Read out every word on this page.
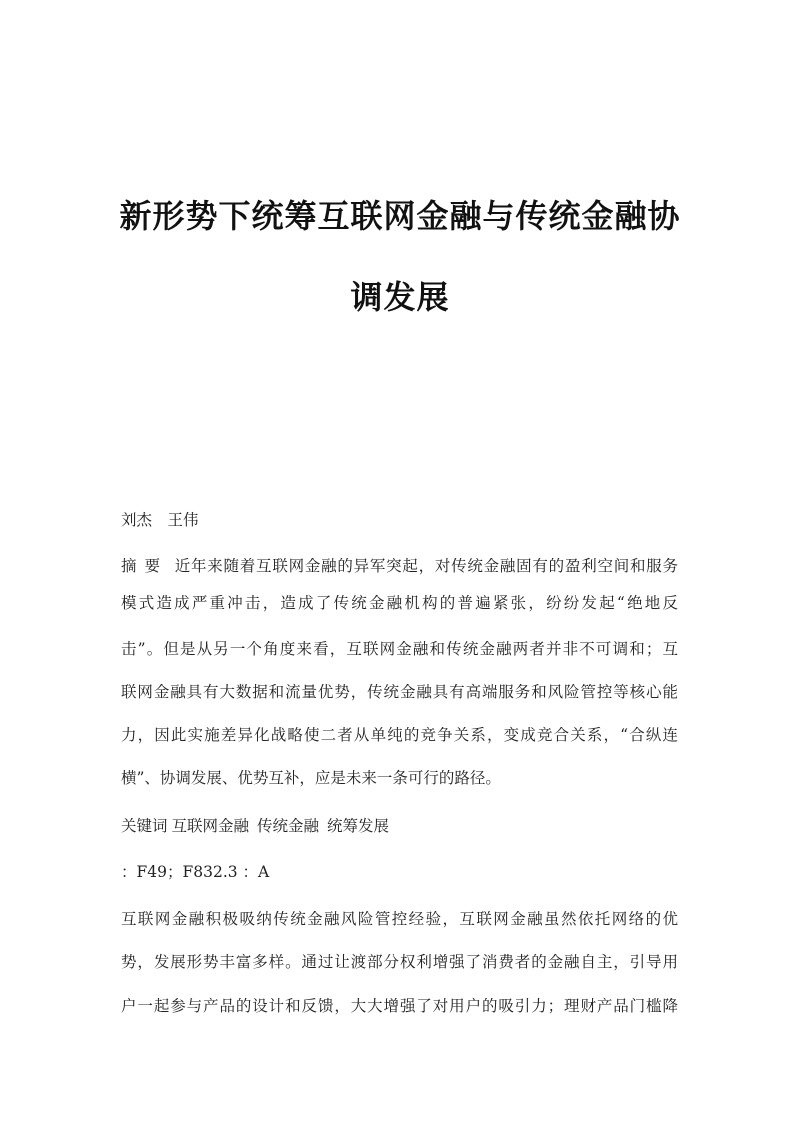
新形势下统筹互联网金融与传统金融协
调发展
刘杰　王伟
摘要 近年来随着互联网金融的异军突起，对传统金融固有的盈利空间和服务
模式造成严重冲击，造成了传统金融机构的普遍紧张，纷纷发起“绝地反
击”。但是从另一个角度来看，互联网金融和传统金融两者并非不可调和；互
联网金融具有大数据和流量优势，传统金融具有高端服务和风险管控等核心能
力，因此实施差异化战略使二者从单纯的竞争关系，变成竞合关系，“合纵连
横”、协调发展、优势互补，应是未来一条可行的路径。
关键词 互联网金融 传统金融 统筹发展
：F49；F832.3 ：A
互联网金融积极吸纳传统金融风险管控经验，互联网金融虽然依托网络的优
势，发展形势丰富多样。通过让渡部分权利增强了消费者的金融自主，引导用
户一起参与产品的设计和反馈，大大增强了对用户的吸引力；理财产品门槛降
